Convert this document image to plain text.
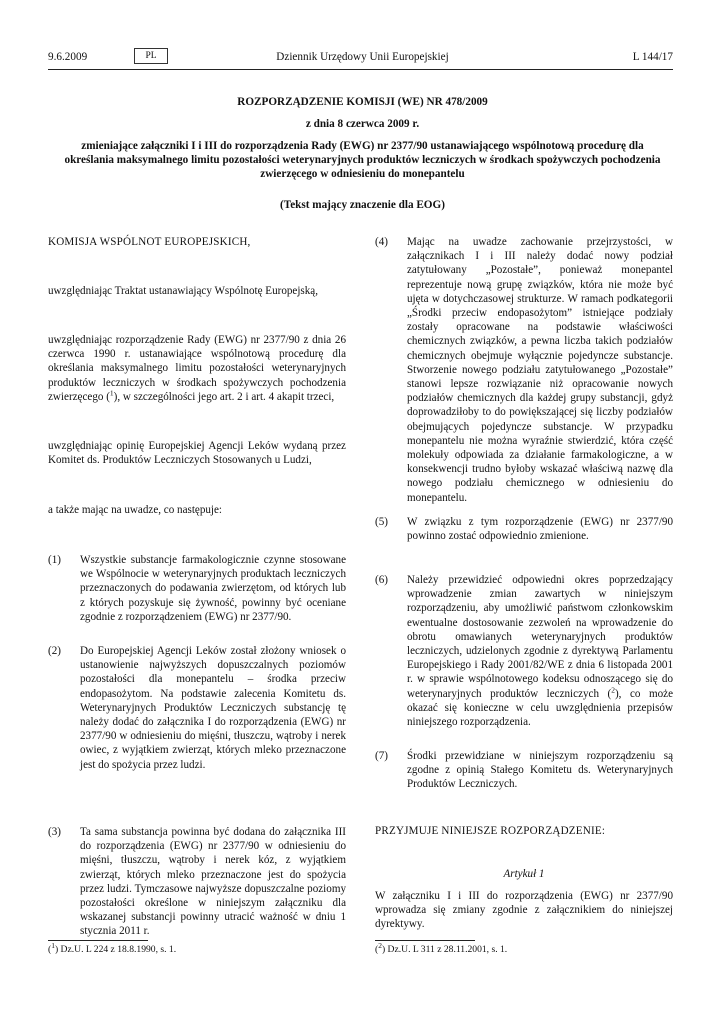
9.6.2009	PL	Dziennik Urzędowy Unii Europejskiej	L 144/17
ROZPORZĄDZENIE KOMISJI (WE) NR 478/2009
z dnia 8 czerwca 2009 r.
zmieniające załączniki I i III do rozporządzenia Rady (EWG) nr 2377/90 ustanawiającego wspólnotową procedurę dla określania maksymalnego limitu pozostałości weterynaryjnych produktów leczniczych w środkach spożywczych pochodzenia zwierzęcego w odniesieniu do monepantelu
(Tekst mający znaczenie dla EOG)
KOMISJA WSPÓLNOT EUROPEJSKICH,
uwzględniając Traktat ustanawiający Wspólnotę Europejską,
uwzględniając rozporządzenie Rady (EWG) nr 2377/90 z dnia 26 czerwca 1990 r. ustanawiające wspólnotową procedurę dla określania maksymalnego limitu pozostałości weterynaryjnych produktów leczniczych w środkach spożywczych pochodzenia zwierzęcego ($^1$), w szczególności jego art. 2 i art. 4 akapit trzeci,
uwzględniając opinię Europejskiej Agencji Leków wydaną przez Komitet ds. Produktów Leczniczych Stosowanych u Ludzi,
a także mając na uwadze, co następuje:
(1)	Wszystkie substancje farmakologicznie czynne stosowane we Wspólnocie w weterynaryjnych produktach leczniczych przeznaczonych do podawania zwierzętom, od których lub z których pozyskuje się żywność, powinny być oceniane zgodnie z rozporządzeniem (EWG) nr 2377/90.
(2)	Do Europejskiej Agencji Leków został złożony wniosek o ustanowienie najwyższych dopuszczalnych poziomów pozostałości dla monepantelu – środka przeciw endopasożytom. Na podstawie zalecenia Komitetu ds. Weterynaryjnych Produktów Leczniczych substancję tę należy dodać do załącznika I do rozporządzenia (EWG) nr 2377/90 w odniesieniu do mięśni, tłuszczu, wątroby i nerek owiec, z wyjątkiem zwierząt, których mleko przeznaczone jest do spożycia przez ludzi.
(3)	Ta sama substancja powinna być dodana do załącznika III do rozporządzenia (EWG) nr 2377/90 w odniesieniu do mięśni, tłuszczu, wątroby i nerek kóz, z wyjątkiem zwierząt, których mleko przeznaczone jest do spożycia przez ludzi. Tymczasowe najwyższe dopuszczalne poziomy pozostałości określone w niniejszym załączniku dla wskazanej substancji powinny utracić ważność w dniu 1 stycznia 2011 r.
($^1$) Dz.U. L 224 z 18.8.1990, s. 1.
(4)	Mając na uwadze zachowanie przejrzystości, w załącznikach I i III należy dodać nowy podział zatytułowany „Pozostałe”, ponieważ monepantel reprezentuje nową grupę związków, która nie może być ujęta w dotychczasowej strukturze. W ramach podkategorii „Środki przeciw endopasożytom” istniejące podziały zostały opracowane na podstawie właściwości chemicznych związków, a pewna liczba takich podziałów chemicznych obejmuje wyłącznie pojedyncze substancje. Stworzenie nowego podziału zatytułowanego „Pozostałe” stanowi lepsze rozwiązanie niż opracowanie nowych podziałów chemicznych dla każdej grupy substancji, gdyż doprowadziłoby to do powiększającej się liczby podziałów obejmujących pojedyncze substancje. W przypadku monepantelu nie można wyraźnie stwierdzić, która część molekuły odpowiada za działanie farmakologiczne, a w konsekwencji trudno byłoby wskazać właściwą nazwę dla nowego podziału chemicznego w odniesieniu do monepantelu.
(5)	W związku z tym rozporządzenie (EWG) nr 2377/90 powinno zostać odpowiednio zmienione.
(6)	Należy przewidzieć odpowiedni okres poprzedzający wprowadzenie zmian zawartych w niniejszym rozporządzeniu, aby umożliwić państwom członkowskim ewentualne dostosowanie zezwoleń na wprowadzenie do obrotu omawianych weterynaryjnych produktów leczniczych, udzielonych zgodnie z dyrektywą Parlamentu Europejskiego i Rady 2001/82/WE z dnia 6 listopada 2001 r. w sprawie wspólnotowego kodeksu odnoszącego się do weterynaryjnych produktów leczniczych ($^2$), co może okazać się konieczne w celu uwzględnienia przepisów niniejszego rozporządzenia.
(7)	Środki przewidziane w niniejszym rozporządzeniu są zgodne z opinią Stałego Komitetu ds. Weterynaryjnych Produktów Leczniczych.
PRZYJMUJE NINIEJSZE ROZPORZĄDZENIE:
Artykuł 1
W załączniku I i III do rozporządzenia (EWG) nr 2377/90 wprowadza się zmiany zgodnie z załącznikiem do niniejszej dyrektywy.
($^2$) Dz.U. L 311 z 28.11.2001, s. 1.
